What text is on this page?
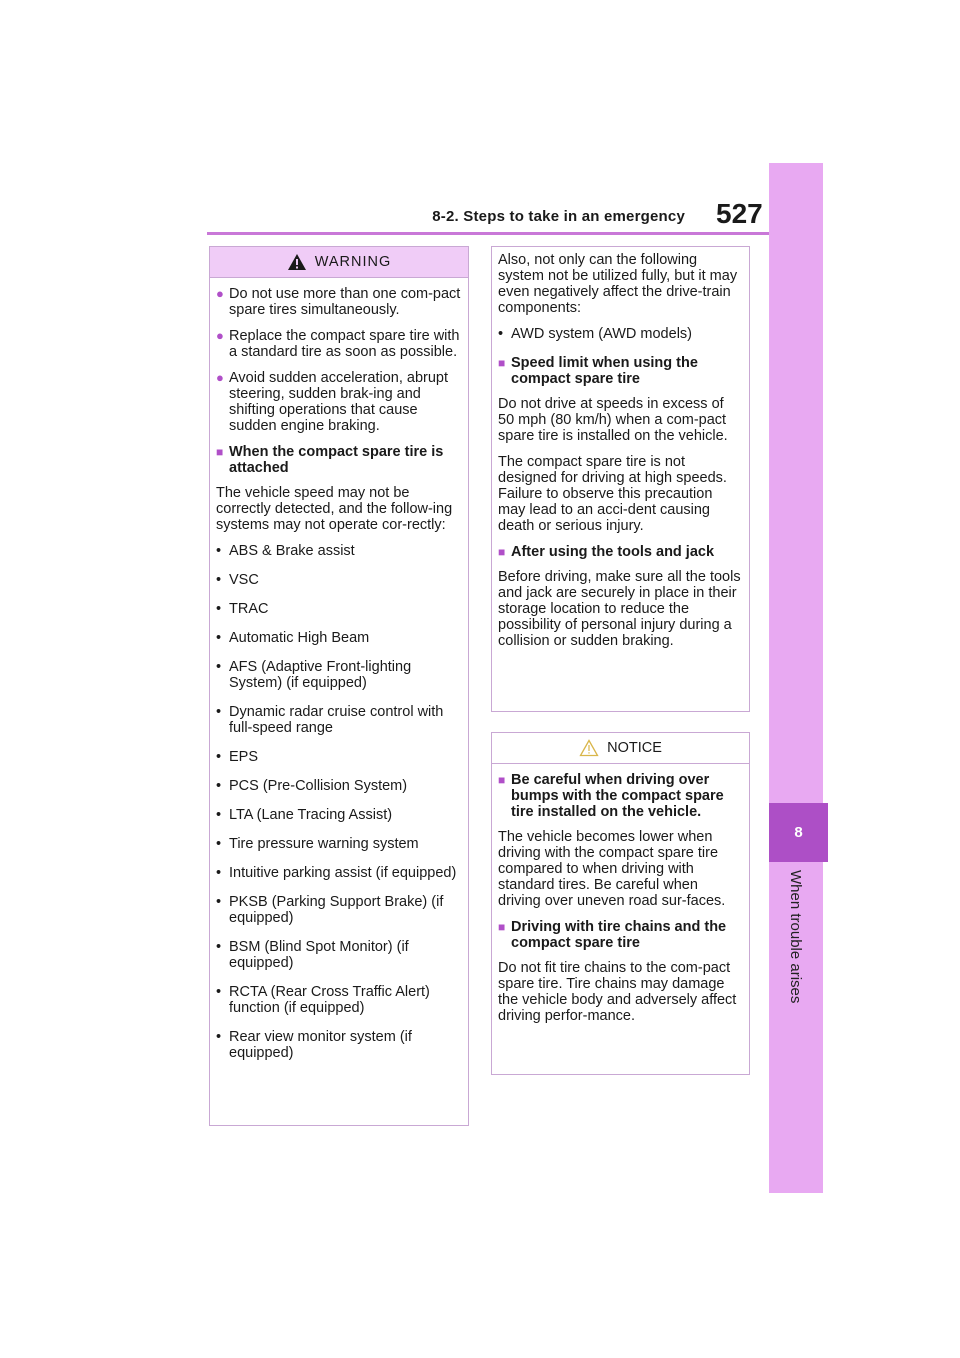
8-2. Steps to take in an emergency 527
8
When trouble arises
WARNING
● Do not use more than one com-pact spare tires simultaneously.
● Replace the compact spare tire with a standard tire as soon as possible.
● Avoid sudden acceleration, abrupt steering, sudden brak-ing and shifting operations that cause sudden engine braking.
■ When the compact spare tire is attached

The vehicle speed may not be correctly detected, and the follow-ing systems may not operate cor-rectly:

• ABS & Brake assist
• VSC
• TRAC
• Automatic High Beam
• AFS (Adaptive Front-lighting System) (if equipped)
• Dynamic radar cruise control with full-speed range
• EPS
• PCS (Pre-Collision System)
• LTA (Lane Tracing Assist)
• Tire pressure warning system
• Intuitive parking assist (if equipped)
• PKSB (Parking Support Brake) (if equipped)
• BSM (Blind Spot Monitor) (if equipped)
• RCTA (Rear Cross Traffic Alert) function (if equipped)
• Rear view monitor system (if equipped)

Also, not only can the following system not be utilized fully, but it may even negatively affect the drive-train components:

• AWD system (AWD models)
■ Speed limit when using the compact spare tire

Do not drive at speeds in excess of 50 mph (80 km/h) when a com-pact spare tire is installed on the vehicle.

The compact spare tire is not designed for driving at high speeds. Failure to observe this precaution may lead to an acci-dent causing death or serious injury.

■ After using the tools and jack

Before driving, make sure all the tools and jack are securely in place in their storage location to reduce the possibility of personal injury during a collision or sudden braking.

NOTICE
■ Be careful when driving over bumps with the compact spare tire installed on the vehicle.

The vehicle becomes lower when driving with the compact spare tire compared to when driving with standard tires. Be careful when driving over uneven road sur-faces.

■ Driving with tire chains and the compact spare tire

Do not fit tire chains to the com-pact spare tire. Tire chains may damage the vehicle body and adversely affect driving perfor-mance.
